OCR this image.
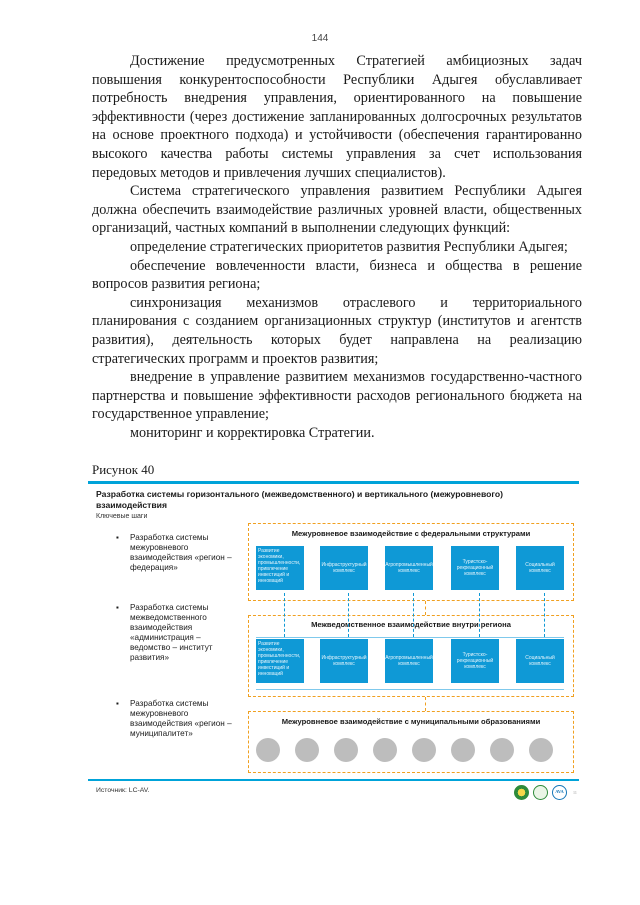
144

Достижение предусмотренных Стратегией амбициозных задач повышения конкурентоспособности Республики Адыгея обуславливает потребность внедрения управления, ориентированного на повышение эффективности (через достижение запланированных долгосрочных результатов на основе проектного подхода) и устойчивости (обеспечения гарантированно высокого качества работы системы управления за счет использования передовых методов и привлечения лучших специалистов).

Система стратегического управления развитием Республики Адыгея должна обеспечить взаимодействие различных уровней власти, общественных организаций, частных компаний в выполнении следующих функций:

определение стратегических приоритетов развития Республики Адыгея;

обеспечение вовлеченности власти, бизнеса и общества в решение вопросов развития региона;

синхронизация механизмов отраслевого и территориального планирования с созданием организационных структур (институтов и агентств развития), деятельность которых будет направлена на реализацию стратегических программ и проектов развития;

внедрение в управление развитием механизмов государственно-частного партнерства и повышение эффективности расходов регионального бюджета на государственное управление;

мониторинг и корректировка Стратегии.

Рисунок 40
Разработка системы горизонтального (межведомственного) и вертикального (межуровневого) взаимодействия
Ключевые шаги
▪ Разработка системы межуровневого взаимодействия «регион – федерация»
▪ Разработка системы межведомственного взаимодействия «администрация – ведомство – институт развития»
▪ Разработка системы межуровневого взаимодействия «регион – муниципалитет»
Межуровневое взаимодействие с федеральными структурами
Развитие экономики, промышленности, привлечение инвестиций и инноваций
Инфраструктурный комплекс
Агропромышленный комплекс
Туристско-рекреационный комплекс
Социальный комплекс
Межведомственное взаимодействие внутри региона
Развитие экономики, промышленности, привлечение инвестиций и инноваций
Инфраструктурный комплекс
Агропромышленный комплекс
Туристско-рекреационный комплекс
Социальный комплекс
Межуровневое взаимодействие с муниципальными образованиями
Источник: LC-AV.	AVA	11
